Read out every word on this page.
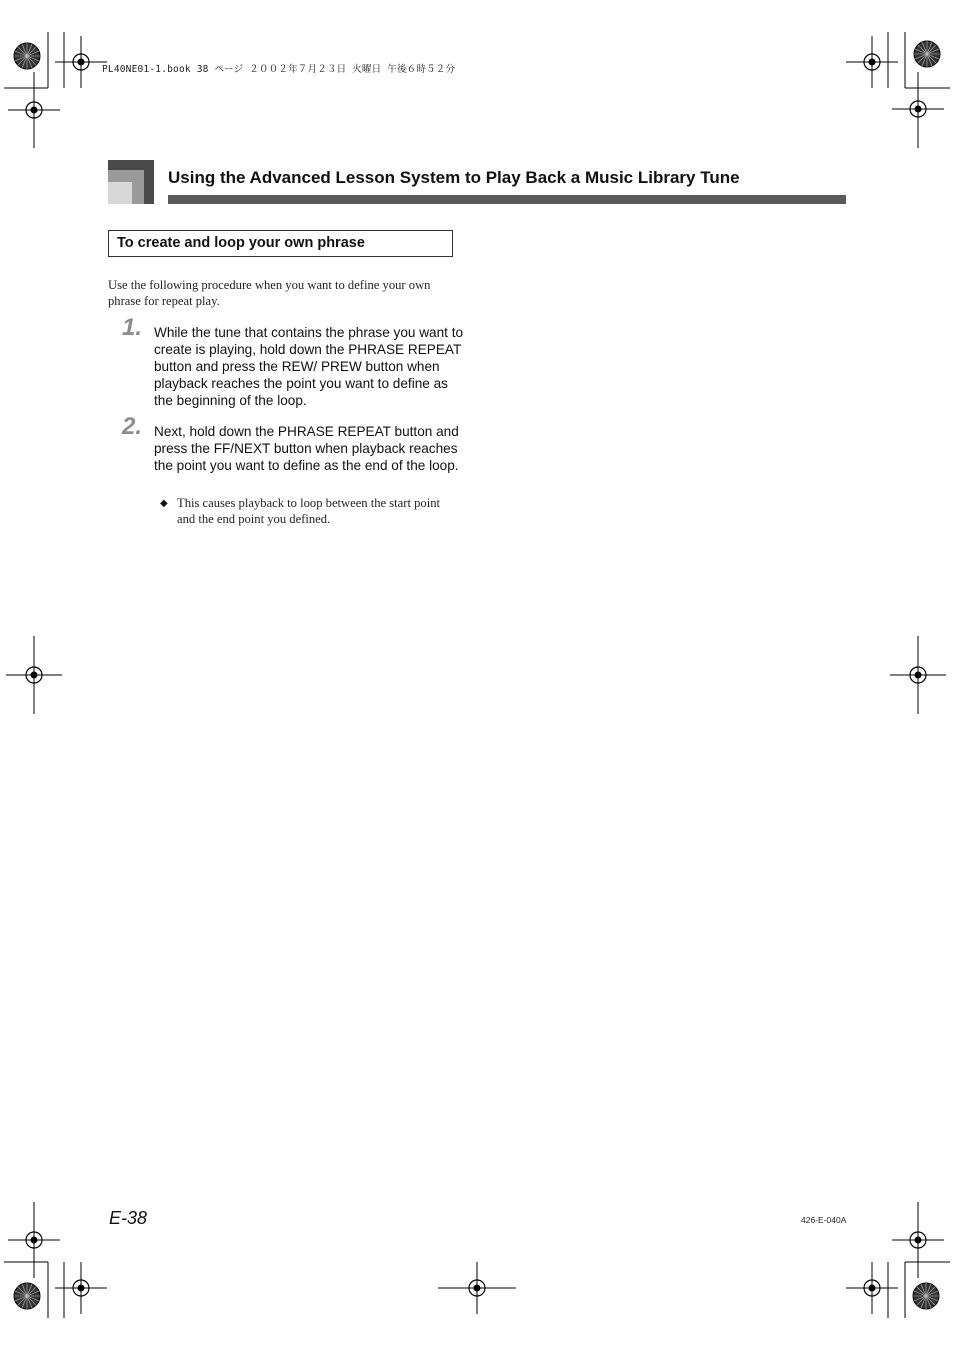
PL40NE01-1.book 38 ページ ２００２年７月２３日 火曜日 午後６時５２分
Using the Advanced Lesson System to Play Back a Music Library Tune
To create and loop your own phrase
Use the following procedure when you want to define your own phrase for repeat play.
1. While the tune that contains the phrase you want to create is playing, hold down the PHRASE REPEAT button and press the REW/ PREW button when playback reaches the point you want to define as the beginning of the loop.
2. Next, hold down the PHRASE REPEAT button and press the FF/NEXT button when playback reaches the point you want to define as the end of the loop.
◆ This causes playback to loop between the start point and the end point you defined.
E-38	426-E-040A
